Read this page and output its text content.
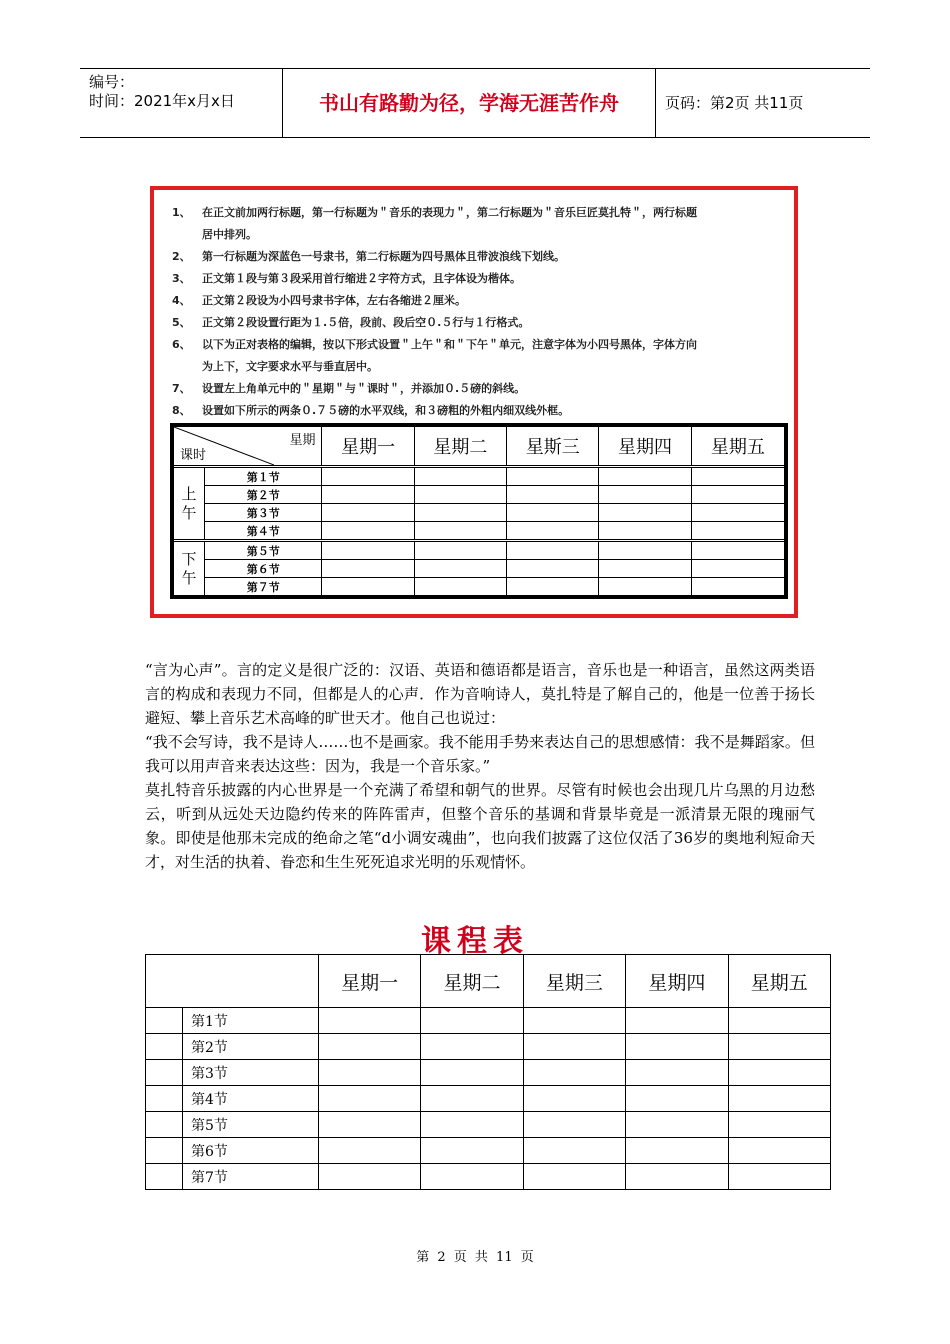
编号：
时间：2021年x月x日	书山有路勤为径，学海无涯苦作舟	页码：第2页 共11页
1、	在正文前加两行标题，第一行标题为＂音乐的表现力＂，第二行标题为＂音乐巨匠莫扎特＂，两行标题
居中排列。
2、	第一行标题为深蓝色一号隶书，第二行标题为四号黑体且带波浪线下划线。
3、	正文第１段与第３段采用首行缩进２字符方式，且字体设为楷体。
4、	正文第２段设为小四号隶书字体，左右各缩进２厘米。
5、	正文第２段设置行距为１.５倍，段前、段后空０.５行与１行格式。
6、	以下为正对表格的编辑，按以下形式设置＂上午＂和＂下午＂单元，注意字体为小四号黑体，字体方向
为上下，文字要求水平与垂直居中。
7、	设置左上角单元中的＂星期＂与＂课时＂，并添加０.５磅的斜线。
8、	设置如下所示的两条０.７５磅的水平双线，和３磅粗的外粗内细双线外框。
星期
课时		星期一	星期二	星斯三	星期四	星期五
上午	第１节					
	第２节					
	第３节					
	第４节					
下午	第５节					
	第６节					
	第７节					
“言为心声”。言的定义是很广泛的：汉语、英语和德语都是语言，音乐也是一种语言，虽然这两类语言的构成和表现力不同，但都是人的心声．作为音响诗人，莫扎特是了解自己的，他是一位善于扬长避短、攀上音乐艺术高峰的旷世天才。他自己也说过：
“我不会写诗，我不是诗人……也不是画家。我不能用手势来表达自己的思想感情：我不是舞蹈家。但我可以用声音来表达这些：因为，我是一个音乐家。”
莫扎特音乐披露的内心世界是一个充满了希望和朝气的世界。尽管有时候也会出现几片乌黑的月边愁云，听到从远处天边隐约传来的阵阵雷声，但整个音乐的基调和背景毕竟是一派清景无限的瑰丽气象。即使是他那未完成的绝命之笔“d小调安魂曲”，也向我们披露了这位仅活了36岁的奥地利短命天才，对生活的执着、眷恋和生生死死追求光明的乐观情怀。
课程表
		星期一	星期二	星期三	星期四	星期五
	第1节					
	第2节					
	第3节					
	第4节					
	第5节					
	第6节					
	第7节					
第 2 页 共 11 页
